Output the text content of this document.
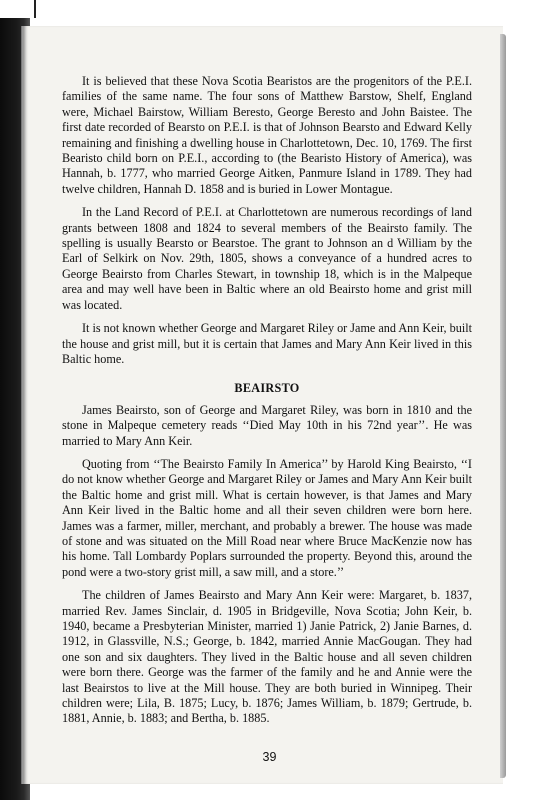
It is believed that these Nova Scotia Bearistos are the progenitors of the P.E.I. families of the same name. The four sons of Matthew Barstow, Shelf, England were, Michael Bairstow, William Beresto, George Beresto and John Baistee. The first date recorded of Bearsto on P.E.I. is that of Johnson Bearsto and Edward Kelly remaining and finishing a dwelling house in Charlottetown, Dec. 10, 1769. The first Bearisto child born on P.E.I., according to (the Bearisto History of America), was Hannah, b. 1777, who married George Aitken, Panmure Island in 1789. They had twelve children, Hannah D. 1858 and is buried in Lower Montague.

In the Land Record of P.E.I. at Charlottetown are numerous recordings of land grants between 1808 and 1824 to several members of the Beairsto family. The spelling is usually Bearsto or Bearstoe. The grant to Johnson an d William by the Earl of Selkirk on Nov. 29th, 1805, shows a conveyance of a hundred acres to George Beairsto from Charles Stewart, in township 18, which is in the Malpeque area and may well have been in Baltic where an old Beairsto home and grist mill was located.

It is not known whether George and Margaret Riley or Jame and Ann Keir, built the house and grist mill, but it is certain that James and Mary Ann Keir lived in this Baltic home.

BEAIRSTO

James Beairsto, son of George and Margaret Riley, was born in 1810 and the stone in Malpeque cemetery reads ‘‘Died May 10th in his 72nd year’’. He was married to Mary Ann Keir.

Quoting from ‘‘The Beairsto Family In America’’ by Harold King Beairsto, ‘‘I do not know whether George and Margaret Riley or James and Mary Ann Keir built the Baltic home and grist mill. What is certain however, is that James and Mary Ann Keir lived in the Baltic home and all their seven children were born here. James was a farmer, miller, merchant, and probably a brewer. The house was made of stone and was situated on the Mill Road near where Bruce MacKenzie now has his home. Tall Lombardy Poplars surrounded the property. Beyond this, around the pond were a two-story grist mill, a saw mill, and a store.’’

The children of James Beairsto and Mary Ann Keir were: Margaret, b. 1837, married Rev. James Sinclair, d. 1905 in Bridgeville, Nova Scotia; John Keir, b. 1940, became a Presbyterian Minister, married 1) Janie Patrick, 2) Janie Barnes, d. 1912, in Glassville, N.S.; George, b. 1842, married Annie MacGougan. They had one son and six daughters. They lived in the Baltic house and all seven children were born there. George was the farmer of the family and he and Annie were the last Beairstos to live at the Mill house. They are both buried in Winnipeg. Their children were; Lila, B. 1875; Lucy, b. 1876; James William, b. 1879; Gertrude, b. 1881, Annie, b. 1883; and Bertha, b. 1885.

39
